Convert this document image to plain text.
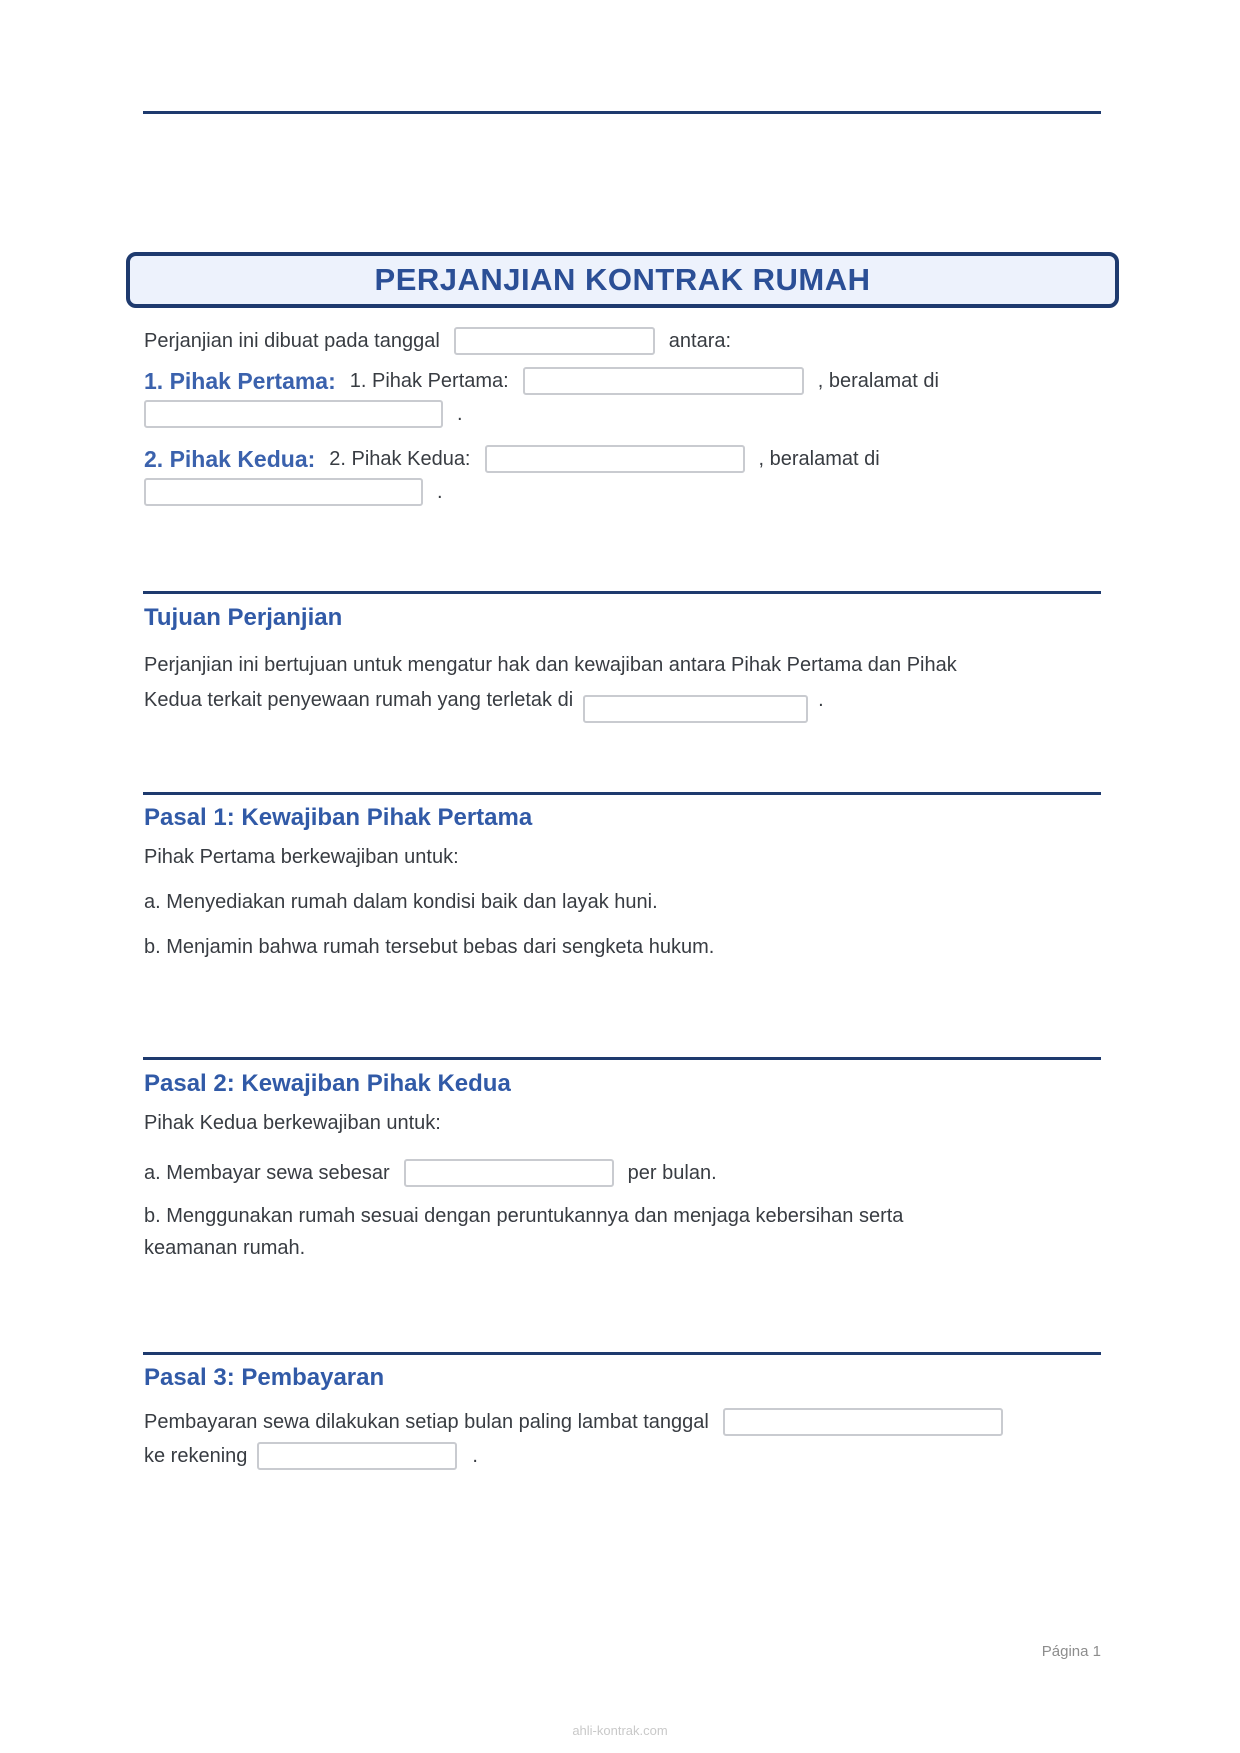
PERJANJIAN KONTRAK RUMAH
Perjanjian ini dibuat pada tanggal	antara:
1. Pihak Pertama: 1. Pihak Pertama:	, beralamat di
.
2. Pihak Kedua: 2. Pihak Kedua:	, beralamat di
.
Tujuan Perjanjian
Perjanjian ini bertujuan untuk mengatur hak dan kewajiban antara Pihak Pertama dan Pihak
Kedua terkait penyewaan rumah yang terletak di	.
Pasal 1: Kewajiban Pihak Pertama
Pihak Pertama berkewajiban untuk:
a. Menyediakan rumah dalam kondisi baik dan layak huni.
b. Menjamin bahwa rumah tersebut bebas dari sengketa hukum.
Pasal 2: Kewajiban Pihak Kedua
Pihak Kedua berkewajiban untuk:
a. Membayar sewa sebesar	per bulan.
b. Menggunakan rumah sesuai dengan peruntukannya dan menjaga kebersihan serta
keamanan rumah.
Pasal 3: Pembayaran
Pembayaran sewa dilakukan setiap bulan paling lambat tanggal
ke rekening	.
Página 1
ahli-kontrak.com
